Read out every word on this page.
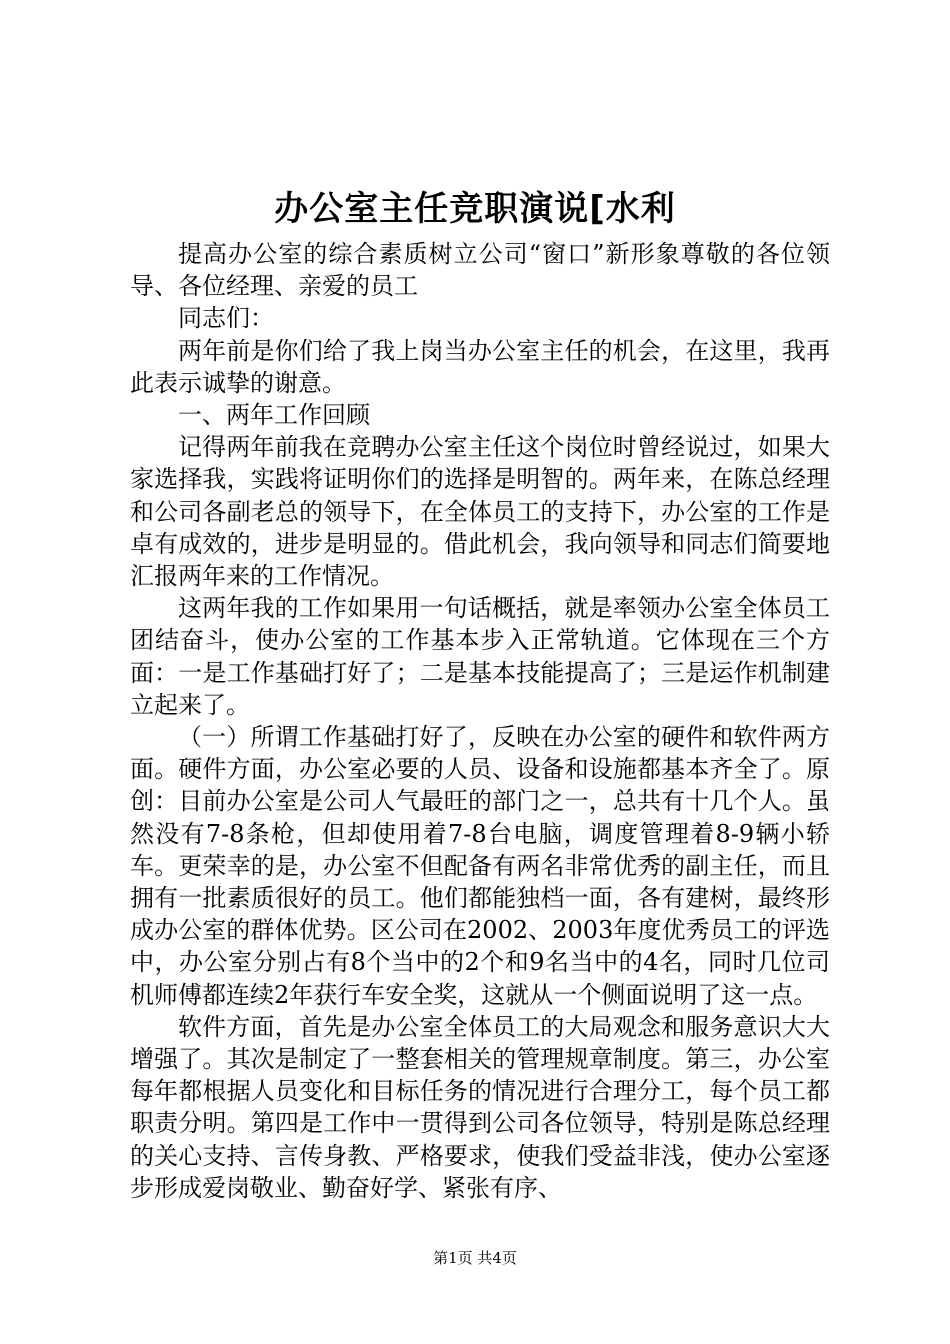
办公室主任竞职演说[水利

提高办公室的综合素质树立公司“窗口”新形象尊敬的各位领导、各位经理、亲爱的员工

同志们：

两年前是你们给了我上岗当办公室主任的机会，在这里，我再此表示诚挚的谢意。

一、两年工作回顾

记得两年前我在竞聘办公室主任这个岗位时曾经说过，如果大家选择我，实践将证明你们的选择是明智的。两年来，在陈总经理和公司各副老总的领导下，在全体员工的支持下，办公室的工作是卓有成效的，进步是明显的。借此机会，我向领导和同志们简要地汇报两年来的工作情况。

这两年我的工作如果用一句话概括，就是率领办公室全体员工团结奋斗，使办公室的工作基本步入正常轨道。它体现在三个方面：一是工作基础打好了；二是基本技能提高了；三是运作机制建立起来了。

（一）所谓工作基础打好了，反映在办公室的硬件和软件两方面。硬件方面，办公室必要的人员、设备和设施都基本齐全了。原创：目前办公室是公司人气最旺的部门之一，总共有十几个人。虽然没有7-8条枪，但却使用着7-8台电脑，调度管理着8-9辆小轿车。更荣幸的是，办公室不但配备有两名非常优秀的副主任，而且拥有一批素质很好的员工。他们都能独档一面，各有建树，最终形成办公室的群体优势。区公司在2002、2003年度优秀员工的评选中，办公室分别占有8个当中的2个和9名当中的4名，同时几位司机师傅都连续2年获行车安全奖，这就从一个侧面说明了这一点。

软件方面，首先是办公室全体员工的大局观念和服务意识大大增强了。其次是制定了一整套相关的管理规章制度。第三，办公室每年都根据人员变化和目标任务的情况进行合理分工，每个员工都职责分明。第四是工作中一贯得到公司各位领导，特别是陈总经理的关心支持、言传身教、严格要求，使我们受益非浅，使办公室逐步形成爱岗敬业、勤奋好学、紧张有序、

第1页 共4页
